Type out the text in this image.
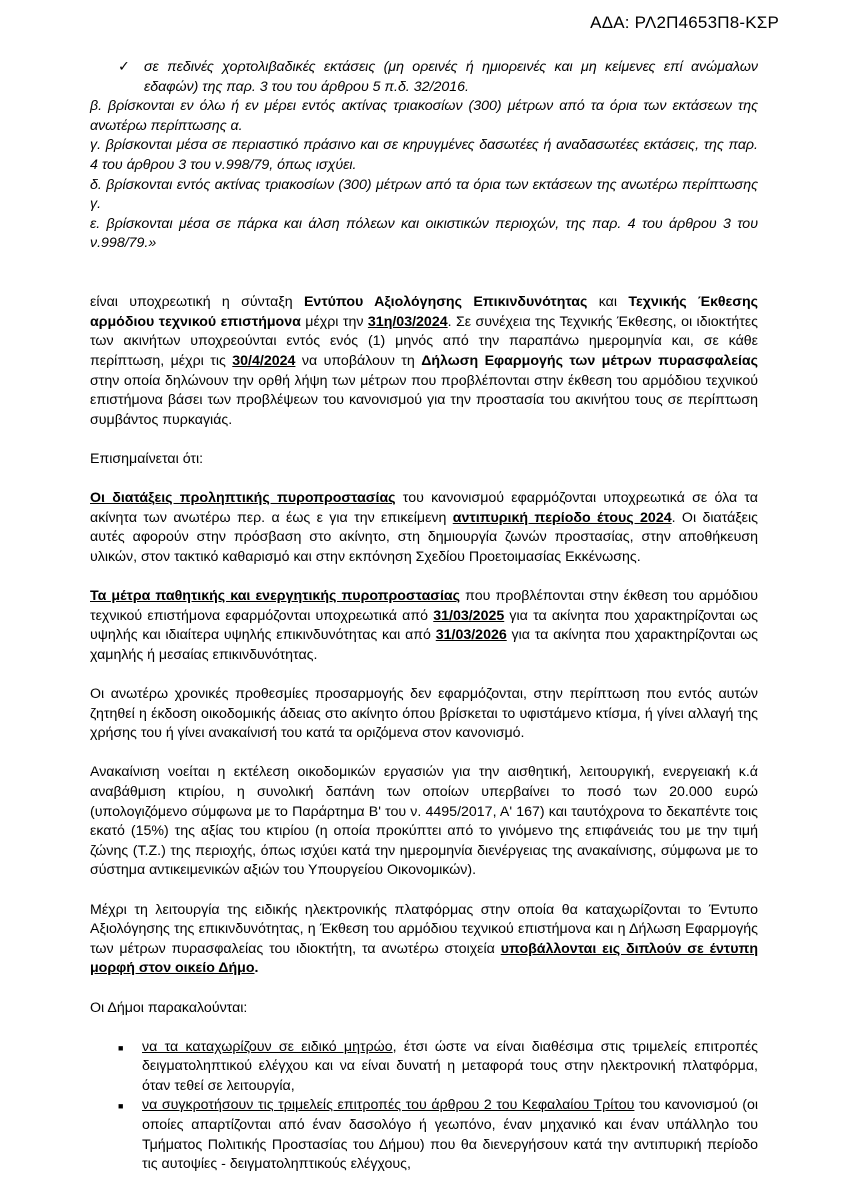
ΑΔΑ: ΡΛ2Π4653Π8-ΚΣΡ
✓ σε πεδινές χορτολιβαδικές εκτάσεις (μη ορεινές ή ημιορεινές και μη κείμενες επί ανώμαλων εδαφών) της παρ. 3 του του άρθρου 5 π.δ. 32/2016.

β. βρίσκονται εν όλω ή εν μέρει εντός ακτίνας τριακοσίων (300) μέτρων από τα όρια των εκτάσεων της ανωτέρω περίπτωσης α.

γ. βρίσκονται μέσα σε περιαστικό πράσινο και σε κηρυγμένες δασωτέες ή αναδασωτέες εκτάσεις, της παρ. 4 του άρθρου 3 του ν.998/79, όπως ισχύει.

δ. βρίσκονται εντός ακτίνας τριακοσίων (300) μέτρων από τα όρια των εκτάσεων της ανωτέρω περίπτωσης γ.

ε. βρίσκονται μέσα σε πάρκα και άλση πόλεων και οικιστικών περιοχών, της παρ. 4 του άρθρου 3 του ν.998/79.»

είναι υποχρεωτική η σύνταξη Εντύπου Αξιολόγησης Επικινδυνότητας και Τεχνικής Έκθεσης αρμόδιου τεχνικού επιστήμονα μέχρι την 31η/03/2024. Σε συνέχεια της Τεχνικής Έκθεσης, οι ιδιοκτήτες των ακινήτων υποχρεούνται εντός ενός (1) μηνός από την παραπάνω ημερομηνία και, σε κάθε περίπτωση, μέχρι τις 30/4/2024 να υποβάλουν τη Δήλωση Εφαρμογής των μέτρων πυρασφαλείας στην οποία δηλώνουν την ορθή λήψη των μέτρων που προβλέπονται στην έκθεση του αρμόδιου τεχνικού επιστήμονα βάσει των προβλέψεων του κανονισμού για την προστασία του ακινήτου τους σε περίπτωση συμβάντος πυρκαγιάς.

Επισημαίνεται ότι:

Οι διατάξεις προληπτικής πυροπροστασίας του κανονισμού εφαρμόζονται υποχρεωτικά σε όλα τα ακίνητα των ανωτέρω περ. α έως ε για την επικείμενη αντιπυρική περίοδο έτους 2024. Οι διατάξεις αυτές αφορούν στην πρόσβαση στο ακίνητο, στη δημιουργία ζωνών προστασίας, στην αποθήκευση υλικών, στον τακτικό καθαρισμό και στην εκπόνηση Σχεδίου Προετοιμασίας Εκκένωσης.

Τα μέτρα παθητικής και ενεργητικής πυροπροστασίας που προβλέπονται στην έκθεση του αρμόδιου τεχνικού επιστήμονα εφαρμόζονται υποχρεωτικά από 31/03/2025 για τα ακίνητα που χαρακτηρίζονται ως υψηλής και ιδιαίτερα υψηλής επικινδυνότητας και από 31/03/2026 για τα ακίνητα που χαρακτηρίζονται ως χαμηλής ή μεσαίας επικινδυνότητας.

Οι ανωτέρω χρονικές προθεσμίες προσαρμογής δεν εφαρμόζονται, στην περίπτωση που εντός αυτών ζητηθεί η έκδοση οικοδομικής άδειας στο ακίνητο όπου βρίσκεται το υφιστάμενο κτίσμα, ή γίνει αλλαγή της χρήσης του ή γίνει ανακαίνισή του κατά τα οριζόμενα στον κανονισμό.

Ανακαίνιση νοείται η εκτέλεση οικοδομικών εργασιών για την αισθητική, λειτουργική, ενεργειακή κ.ά αναβάθμιση κτιρίου, η συνολική δαπάνη των οποίων υπερβαίνει το ποσό των 20.000 ευρώ (υπολογιζόμενο σύμφωνα με το Παράρτημα Β' του ν. 4495/2017, Α' 167) και ταυτόχρονα το δεκαπέντε τοις εκατό (15%) της αξίας του κτιρίου (η οποία προκύπτει από το γινόμενο της επιφάνειάς του με την τιμή ζώνης (Τ.Ζ.) της περιοχής, όπως ισχύει κατά την ημερομηνία διενέργειας της ανακαίνισης, σύμφωνα με το σύστημα αντικειμενικών αξιών του Υπουργείου Οικονομικών).

Μέχρι τη λειτουργία της ειδικής ηλεκτρονικής πλατφόρμας στην οποία θα καταχωρίζονται το Έντυπο Αξιολόγησης της επικινδυνότητας, η Έκθεση του αρμόδιου τεχνικού επιστήμονα και η Δήλωση Εφαρμογής των μέτρων πυρασφαλείας του ιδιοκτήτη, τα ανωτέρω στοιχεία υποβάλλονται εις διπλούν σε έντυπη μορφή στον οικείο Δήμο.

Οι Δήμοι παρακαλούνται:

■	να τα καταχωρίζουν σε ειδικό μητρώο, έτσι ώστε να είναι διαθέσιμα στις τριμελείς επιτροπές δειγματοληπτικού ελέγχου και να είναι δυνατή η μεταφορά τους στην ηλεκτρονική πλατφόρμα, όταν τεθεί σε λειτουργία,

■	να συγκροτήσουν τις τριμελείς επιτροπές του άρθρου 2 του Κεφαλαίου Τρίτου του κανονισμού (οι οποίες απαρτίζονται από έναν δασολόγο ή γεωπόνο, έναν μηχανικό και έναν υπάλληλο του Τμήματος Πολιτικής Προστασίας του Δήμου) που θα διενεργήσουν κατά την αντιπυρική περίοδο τις αυτοψίες - δειγματοληπτικούς ελέγχους,
